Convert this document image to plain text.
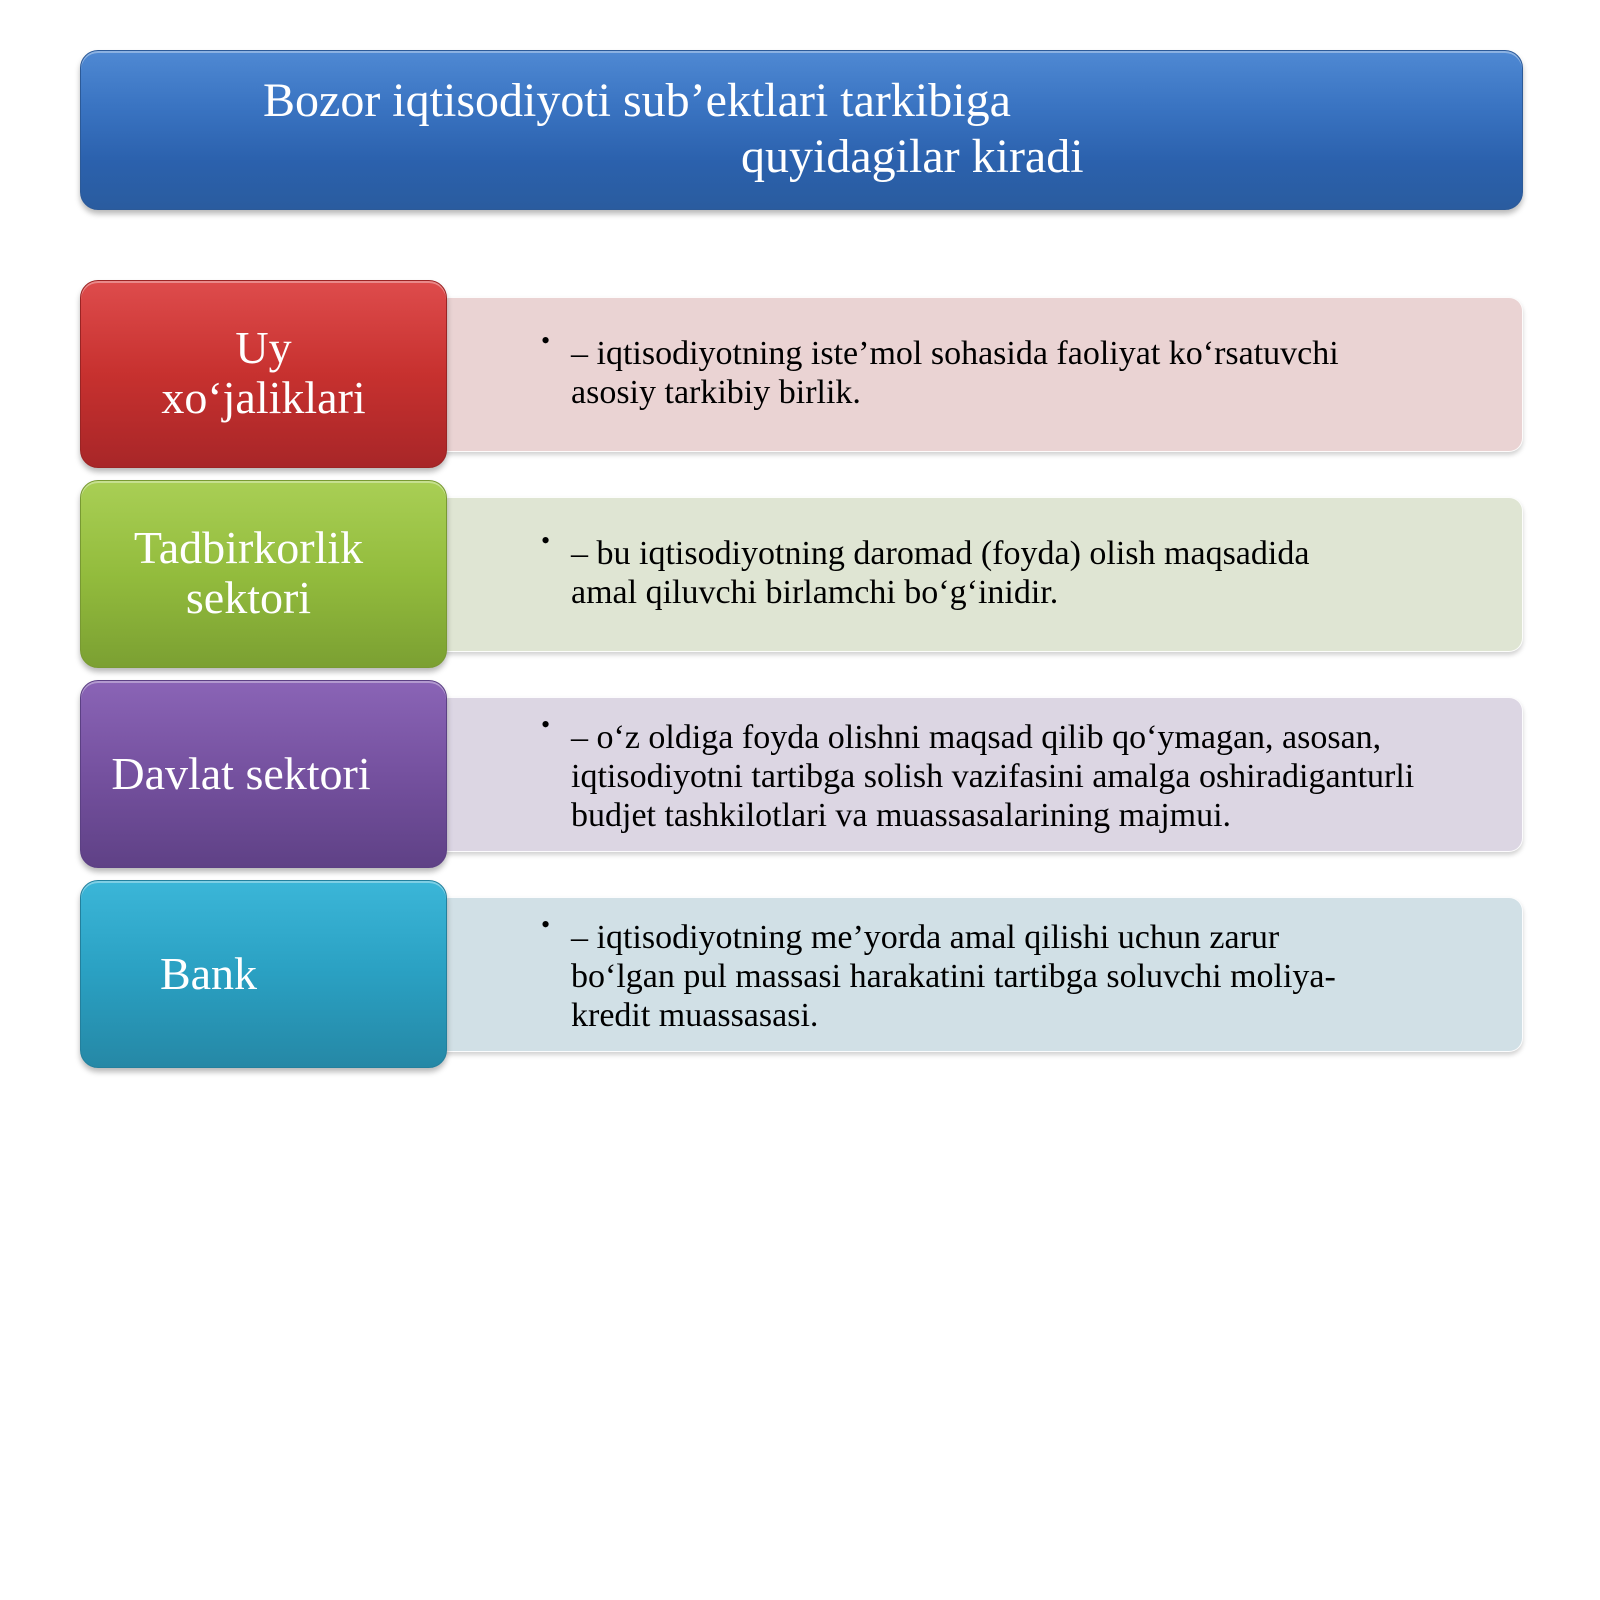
Bozor iqtisodiyoti sub’ektlari tarkibiga
quyidagilar kiradi
Uy
xo‘jaliklari
• – iqtisodiyotning iste’mol sohasida faoliyat ko‘rsatuvchi
asosiy tarkibiy birlik.
Tadbirkorlik
sektori
• – bu iqtisodiyotning daromad (foyda) olish maqsadida
amal qiluvchi birlamchi bo‘g‘inidir.
Davlat sektori
• – o‘z oldiga foyda olishni maqsad qilib qo‘ymagan, asosan,
iqtisodiyotni tartibga solish vazifasini amalga oshiradiganturli
budjet tashkilotlari va muassasalarining majmui.
Bank
• – iqtisodiyotning me’yorda amal qilishi uchun zarur
bo‘lgan pul massasi harakatini tartibga soluvchi moliya-
kredit muassasasi.
